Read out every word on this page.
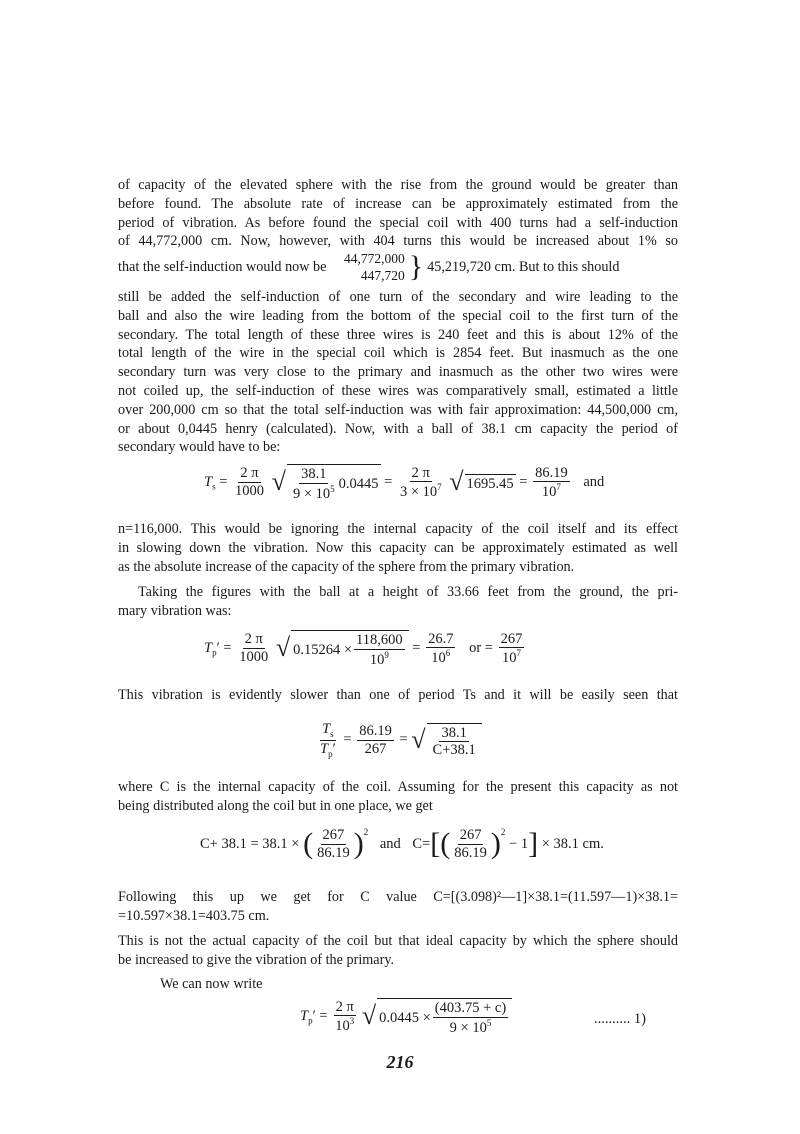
of capacity of the elevated sphere with the rise from the ground would be greater than
before found. The absolute rate of increase can be approximately estimated from the
period of vibration. As before found the special coil with 400 turns had a self-induction
of 44,772,000 cm. Now, however, with 404 turns this would be increased about 1% so
that the self-induction would now be
44,772,000
447,720 } 45,219,720 cm. But to this should
still be added the self-induction of one turn of the secondary and wire leading to the
ball and also the wire leading from the bottom of the special coil to the first turn of the
secondary. The total length of these three wires is 240 feet and this is about 12% of the
total length of the wire in the special coil which is 2854 feet. But inasmuch as the one
secondary turn was very close to the primary and inasmuch as the other two wires were
not coiled up, the self-induction of these wires was comparatively small, estimated a little
over 200,000 cm so that the total self-induction was with fair approximation: 44,500,000 cm,
or about 0,0445 henry (calculated). Now, with a ball of 38.1 cm capacity the period of
secondary would have to be:
$T_s = \frac{2 \pi}{1000}$
√ $\frac{38.1}{9 \times 10^5} 0.0445 = \frac{2 \pi}{3 \times 10^7}$
√ $1695.45 = \frac{86.19}{10^7}$ and
n=116,000. This would be ignoring the internal capacity of the coil itself and its effect
in slowing down the vibration. Now this capacity can be approximately estimated as well
as the absolute increase of the capacity of the sphere from the primary vibration.
Taking the figures with the ball at a height of 33.66 feet from the ground, the pri-
mary vibration was:
$T_p' = \frac{2 \pi}{1000}$
√ $0.15264 \times \frac{118,600}{10^9} = \frac{26.7}{10^6}$ or = $\frac{267}{10^7}$
This vibration is evidently slower than one of period Ts and it will be easily seen that
$\frac{T_s}{T_p'} = \frac{86.19}{267}$ = √ $\frac{38.1}{C+38.1}$
where C is the internal capacity of the coil. Assuming for the present this capacity as not
being distributed along the coil but in one place, we get
C+ 38.1 = 38.1 × ( $\frac{267}{86.19} )^2$ and $C=[( \frac{267}{86.19} )^2 - 1] \times 38.1$ cm.
Following this up we get for C value C=[(3.098)²—1]×38.1=(11.597—1)×38.1=
=10.597×38.1=403.75 cm.
This is not the actual capacity of the coil but that ideal capacity by which the sphere should
be increased to give the vibration of the primary.
We can now write
$T_p' = \frac{2 \pi}{10^3}$
√ $0.0445 \times \frac{(403.75 + c)}{9 \times 10^5}$	.......... 1)
216
